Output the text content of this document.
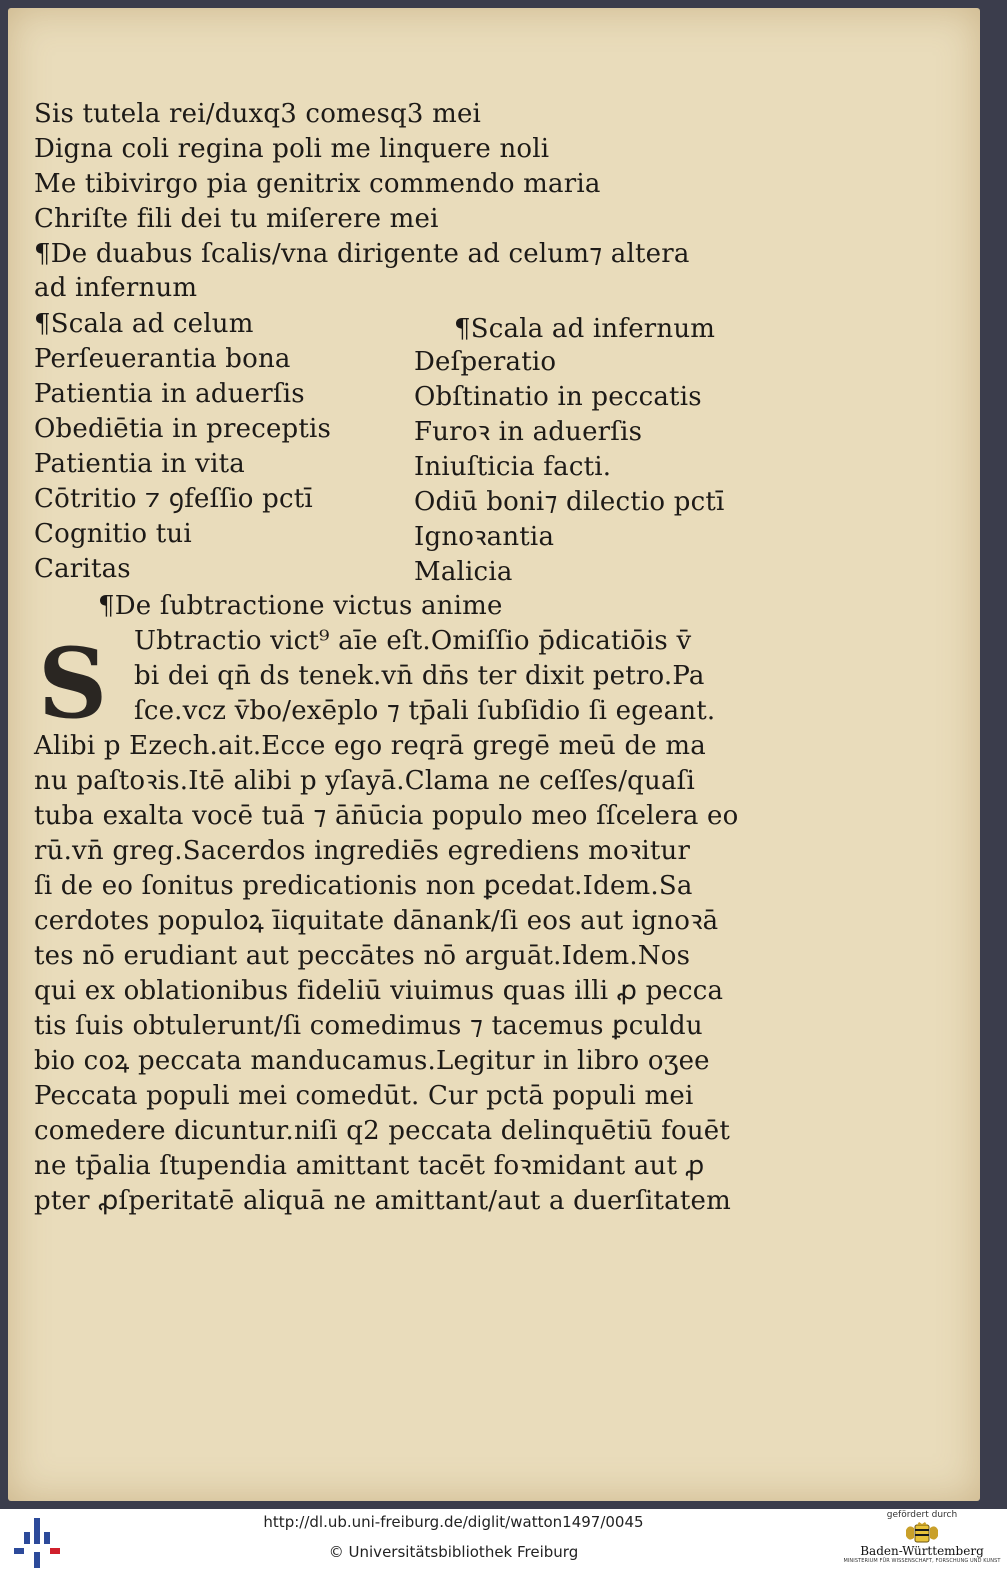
Sis tutela rei/duxq3 comesq3 mei
Digna coli regina poli me linquere noli
Me tibivirgo pia genitrix commendo maria
Chriſte fili dei tu miſerere mei
¶De duabus ſcalis/vna dirigente ad celum⁊ altera
ad infernum
¶Scala ad celum
Perſeuerantia bona
Patientia in aduerſis
Obediētia in preceptis
Patientia in vita
Cōtritio ⁊ ꝯfeſſio pctī
Cognitio tui
Caritas
¶Scala ad infernum
Deſperatio
Obſtinatio in peccatis
Furoꝛ in aduerſis
Iniuſticia facti.
Odiū boni⁊ dilectio pctī
Ignoꝛantia
Malicia
¶De ſubtractione victus anime
S	Ubtractio vict⁹ aīe eſt.Omiſſio p̄dicatiōis v̄
bi dei qn̄ ds tenek.vn̄ dn̄s ter dixit petro.Pa
ſce.vcz v̄bo/exēplo ⁊ tp̄ali ſubſidio ſi egeant.
Alibi p Ezech.ait.Ecce ego reqrā gregē meū de ma
nu paſtoꝛis.Itē alibi p yſayā.Clama ne ceſſes/quaſi
tuba exalta vocē tuā ⁊ ān̄ūcia populo meo ſſcelera eo
rū.vn̄ greg.Sacerdos ingrediēs egrediens moꝛitur
ſi de eo ſonitus predicationis non ꝑcedat.Idem.Sa
cerdotes populoꝝ īiquitate dānank/ſi eos aut ignoꝛā
tes nō erudiant aut peccātes nō arguāt.Idem.Nos
qui ex oblationibus fideliū viuimus quas illi ꝓ pecca
tis ſuis obtulerunt/ſi comedimus ⁊ tacemus ꝑculdu
bio coꝝ peccata manducamus.Legitur in libro oʒee
Peccata populi mei comedūt. Cur pctā populi mei
comedere dicuntur.niſi q2 peccata delinquētiū fouēt
ne tp̄alia ſtupendia amittant tacēt foꝛmidant aut ꝓ
pter ꝓſperitatē aliquā ne amittant/aut a duerſitatem
http://dl.ub.uni-freiburg.de/diglit/watton1497/0045
© Universitätsbibliothek Freiburg
gefördert durch
Baden-Württemberg
MINISTERIUM FÜR WISSENSCHAFT, FORSCHUNG UND KUNST
